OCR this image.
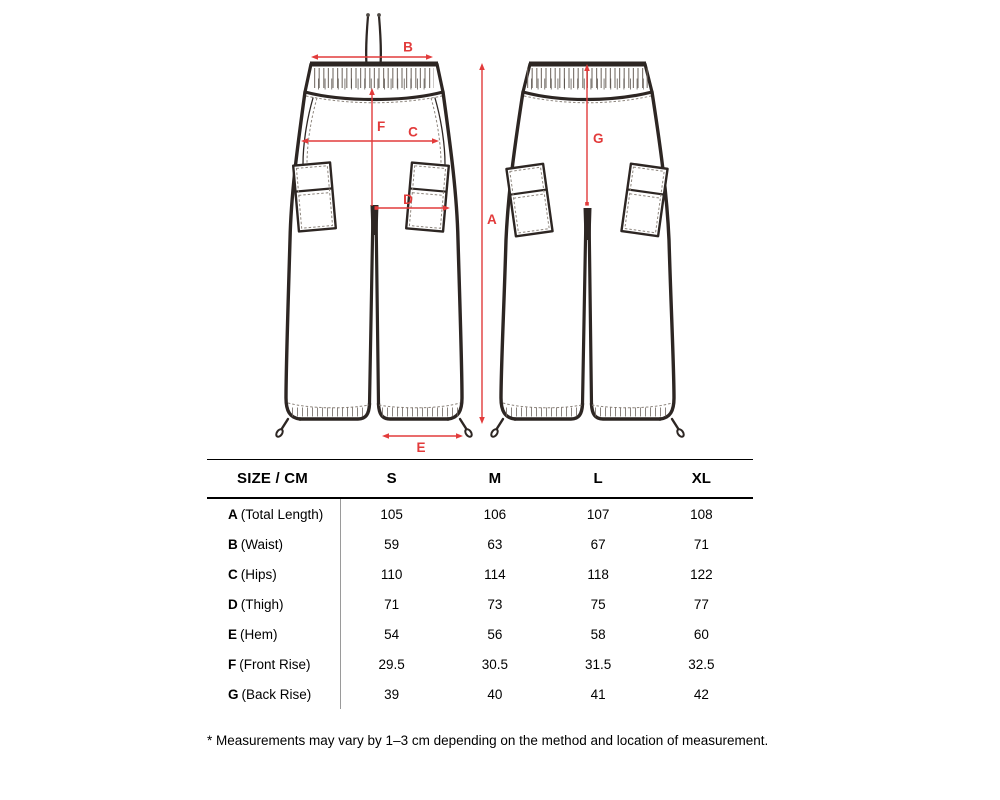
B
A
F C
D
E
G
SIZE / CM	S	M	L	XL
A (Total Length)	105	106	107	108
B (Waist)	59	63	67	71
C (Hips)	110	114	118	122
D (Thigh)	71	73	75	77
E (Hem)	54	56	58	60
F (Front Rise)	29.5	30.5	31.5	32.5
G (Back Rise)	39	40	41	42
* Measurements may vary by 1–3 cm depending on the method and location of measurement.
